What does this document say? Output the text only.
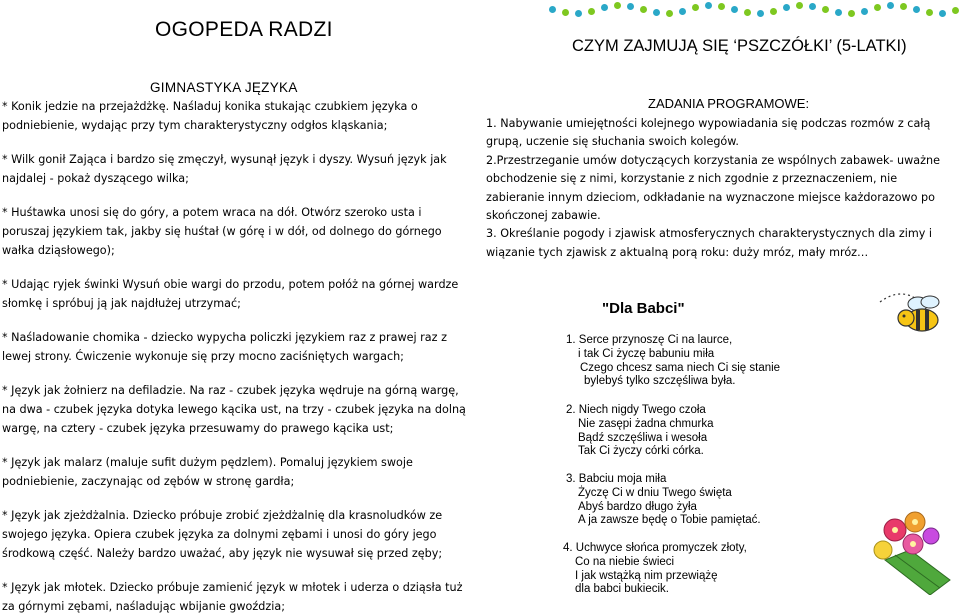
OGOPEDA RADZI
CZYM ZAJMUJĄ SIĘ ‘PSZCZÓŁKI’ (5-LATKI)
GIMNASTYKA JĘZYKA

* Konik jedzie na przejażdżkę. Naśladuj konika stukając czubkiem języka o podniebienie, wydając przy tym charakterystyczny odgłos kląskania;

* Wilk gonił Zająca i bardzo się zmęczył, wysunął język i dyszy. Wysuń język jak najdalej - pokaż dyszącego wilka;

* Huśtawka unosi się do góry, a potem wraca na dół. Otwórz szeroko usta i poruszaj językiem tak, jakby się huśtał (w górę i w dół, od dolnego do górnego wałka dziąsłowego);

* Udając ryjek świnki Wysuń obie wargi do przodu, potem połóż na górnej wardze słomkę i spróbuj ją jak najdłużej utrzymać;

* Naśladowanie chomika - dziecko wypycha policzki językiem raz z prawej raz z lewej strony. Ćwiczenie wykonuje się przy mocno zaciśniętych wargach;

* Język jak żołnierz na defiladzie. Na raz - czubek języka wędruje na górną wargę, na dwa - czubek języka dotyka lewego kącika ust, na trzy - czubek języka na dolną wargę, na cztery - czubek języka przesuwamy do prawego kącika ust;

* Język jak malarz (maluje sufit dużym pędzlem). Pomaluj językiem swoje podniebienie, zaczynając od zębów w stronę gardła;

* Język jak zjeżdżalnia. Dziecko próbuje zrobić zjeżdżalnię dla krasnoludków ze swojego języka. Opiera czubek języka za dolnymi zębami i unosi do góry jego środkową część. Należy bardzo uważać, aby język nie wysuwał się przed zęby;

* Język jak młotek. Dziecko próbuje zamienić język w młotek i uderza o dziąsła tuż za górnymi zębami, naśladując wbijanie gwoździa;

ZADANIA PROGRAMOWE:

1. Nabywanie umiejętności kolejnego wypowiadania się podczas rozmów z całą grupą, uczenie się słuchania swoich kolegów.

2.Przestrzeganie umów dotyczących korzystania ze wspólnych zabawek- uważne obchodzenie się z nimi, korzystanie z nich zgodnie z przeznaczeniem, nie zabieranie innym dzieciom, odkładanie na wyznaczone miejsce każdorazowo po skończonej zabawie.

3. Określanie pogody i zjawisk atmosferycznych charakterystycznych dla zimy i wiązanie tych zjawisk z aktualną porą roku: duży mróz, mały mróz…

"Dla Babci"
1. Serce przynoszę Ci na laurce,
i tak Ci życzę babuniu miła
Czego chcesz sama niech Ci się stanie
bylebyś tylko szczęśliwa była.
2. Niech nigdy Twego czoła
Nie zasępi żadna chmurka
Bądź szczęśliwa i wesoła
Tak Ci życzy córki córka.
3. Babciu moja miła
Życzę Ci w dniu Twego święta
Abyś bardzo długo żyła
A ja zawsze będę o Tobie pamiętać.
4. Uchwyce słońca promyczek złoty,
Co na niebie świeci
I jak wstążką nim przewiążę
dla babci bukiecik.
